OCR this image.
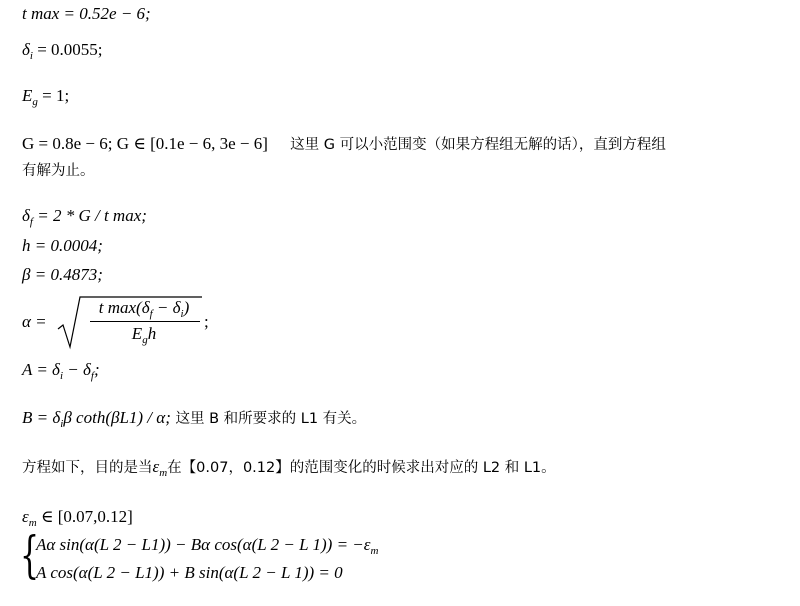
t max = 0.52e − 6;
$\delta_i = 0.0055$;
$E_g = 1$;
G = 0.8e − 6; G ∈ [0.1e − 6, 3e − 6] 这里 G 可以小范围变（如果方程组无解的话），直到方程组
有解为止。
$\delta_f = 2 * G / t$ max;
h = 0.0004;
β = 0.4873;
α =
t $\max(\delta_f - \delta_i)$
$E_gh$
;
$A = \delta_i - \delta_f$;
$B = \delta_i\beta$ coth(βL1) / α; 这里 B 和所要求的 L1 有关。
方程如下，目的是当$\varepsilon_m$在【0.07，0.12】的范围变化的时候求出对应的 L2 和 L1。
$\varepsilon_m$ ∈ [0.07,0.12]
{
Aα sin(α(L 2 − L1)) − Bα cos(α(L 2 − L $1)) = -\varepsilon_m$
A cos(α(L 2 − L1)) + B sin(α(L 2 − L 1)) = 0
